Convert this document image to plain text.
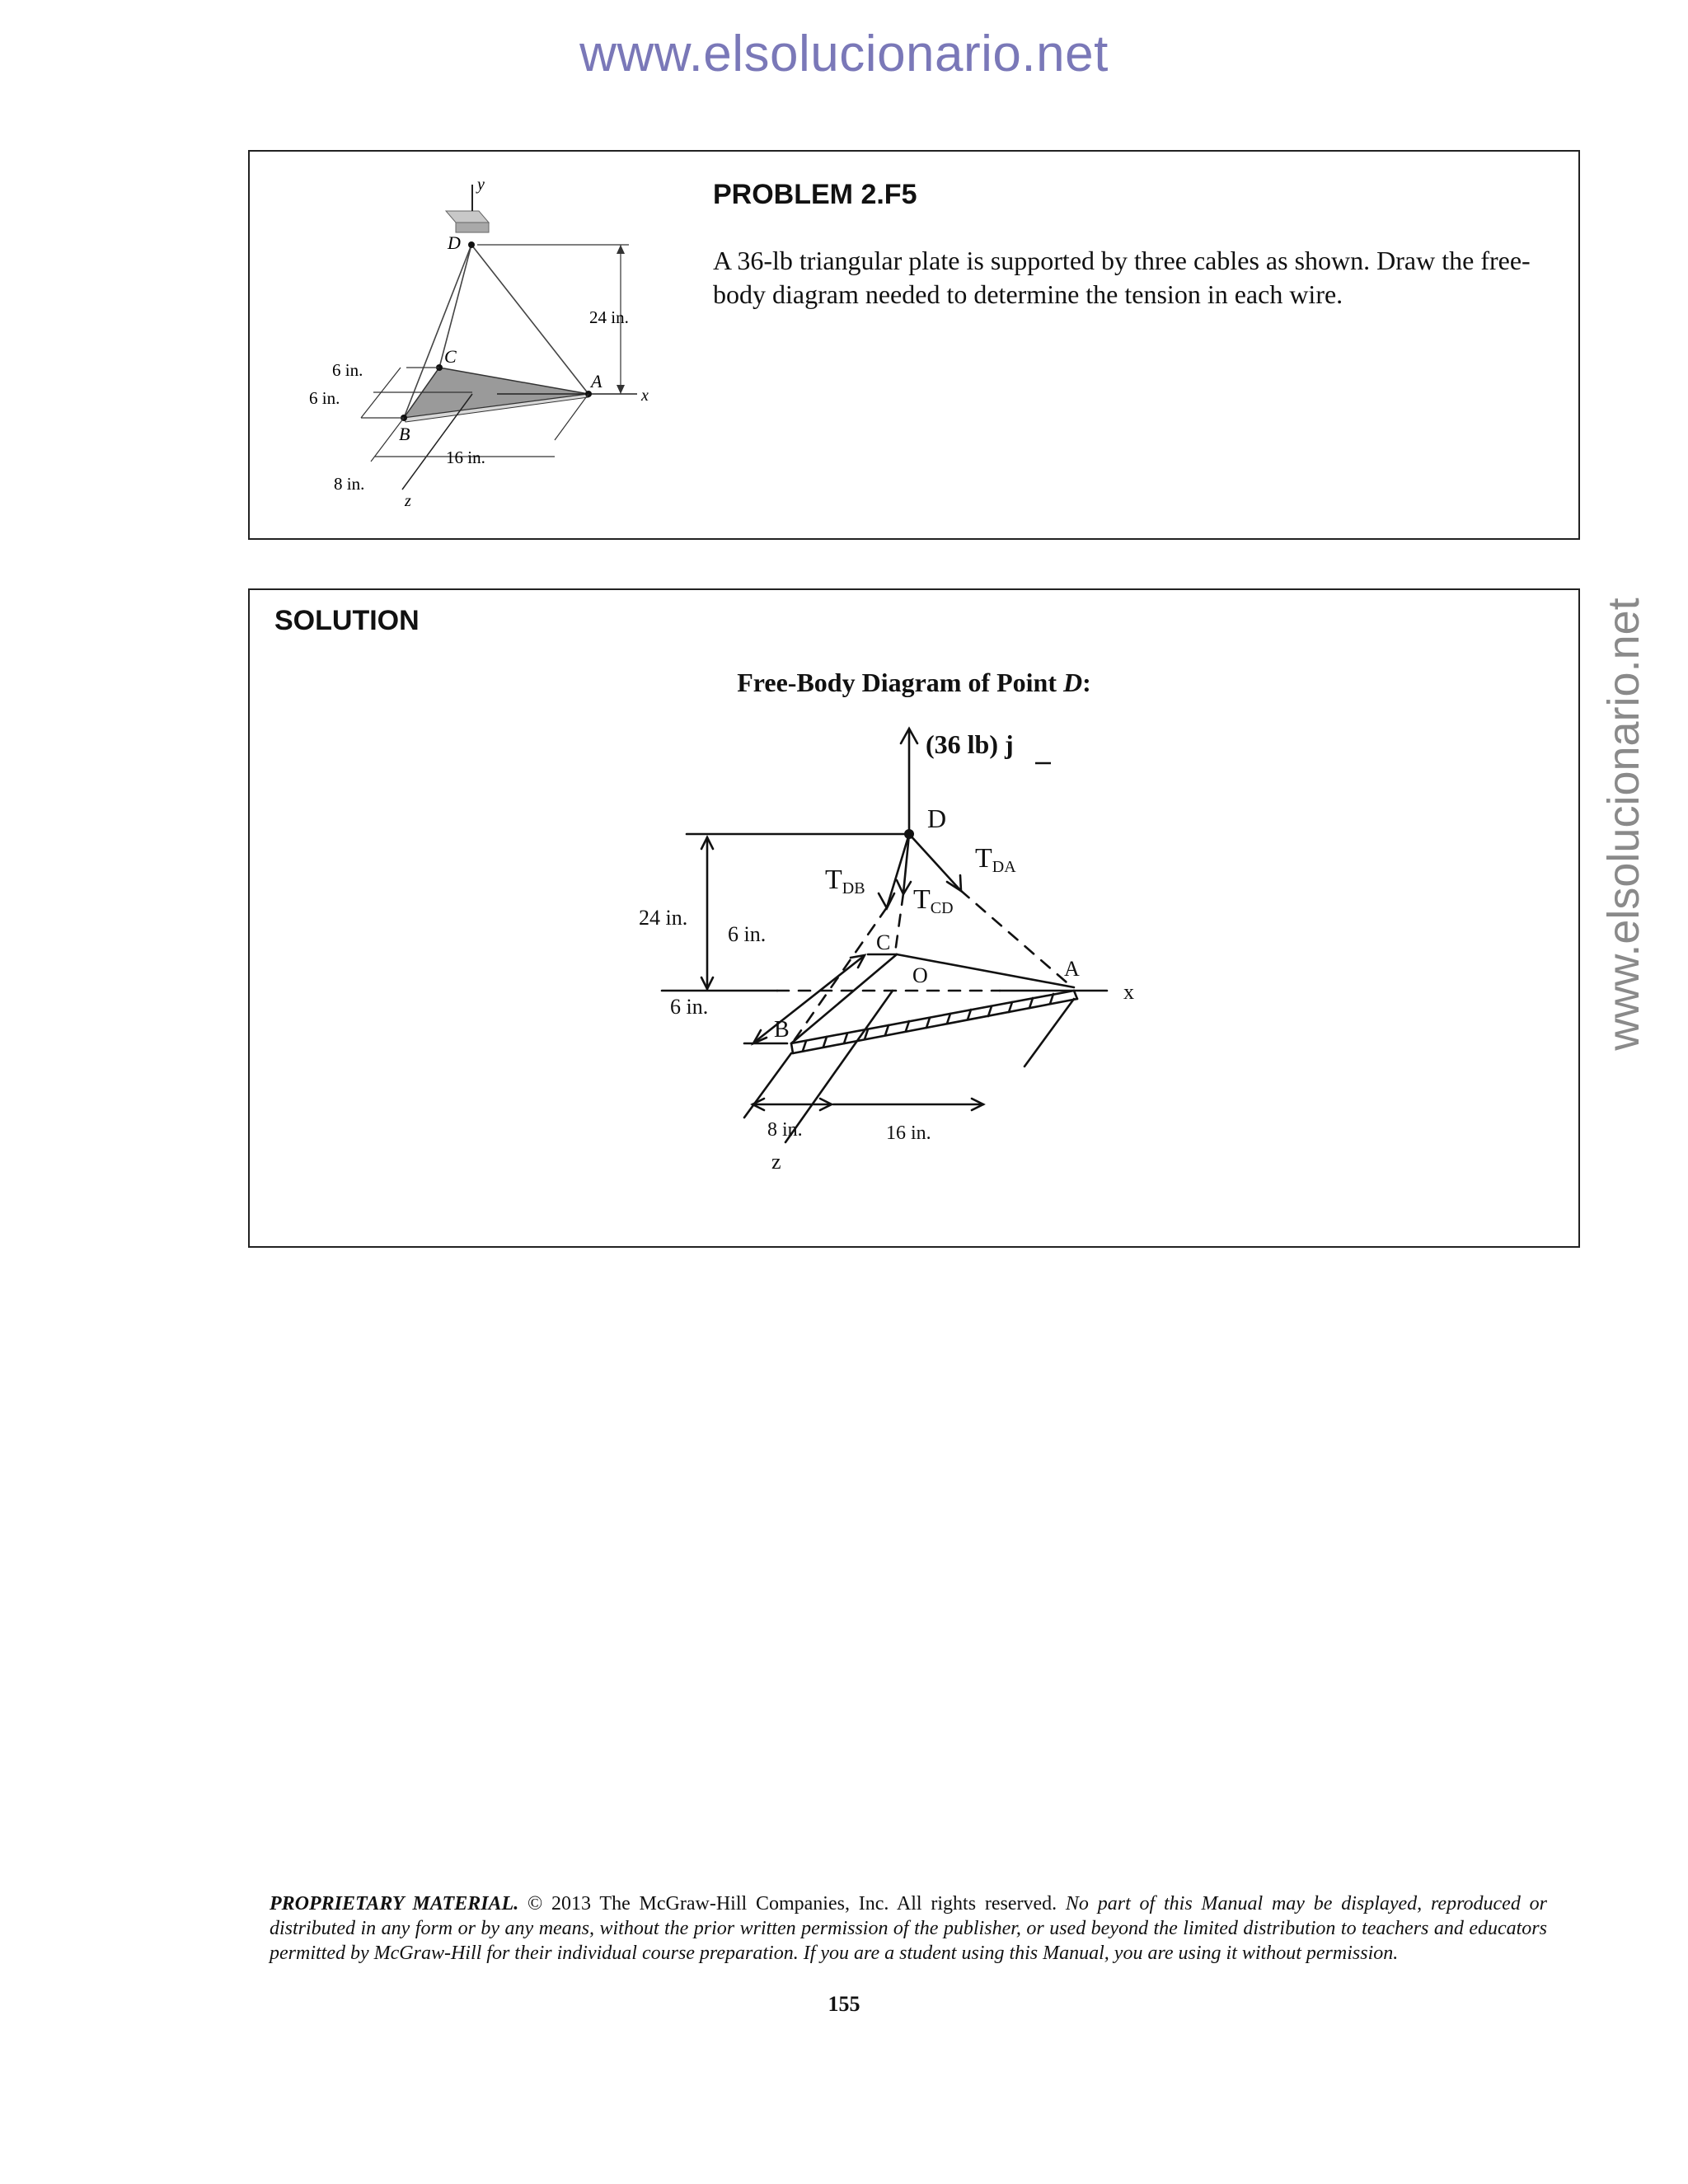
www.elsolucionario.net
www.elsolucionario.net
y
x
z
D
C
A
B
24 in.
6 in.
6 in.
16 in.
8 in.
PROBLEM 2.F5
A 36-lb triangular plate is supported by three cables as shown. Draw the free-body diagram needed to determine the tension in each wire.
SOLUTION
Free-Body Diagram of Point D:
(36 lb) j
D
C
O	A
B
x
z
TDB TCD
TDA
24 in.
6 in.
6 in.
8 in.	16 in.
PROPRIETARY MATERIAL. © 2013 The McGraw-Hill Companies, Inc. All rights reserved. No part of this Manual may be displayed, reproduced or distributed in any form or by any means, without the prior written permission of the publisher, or used beyond the limited distribution to teachers and educators permitted by McGraw-Hill for their individual course preparation. If you are a student using this Manual, you are using it without permission.
155
